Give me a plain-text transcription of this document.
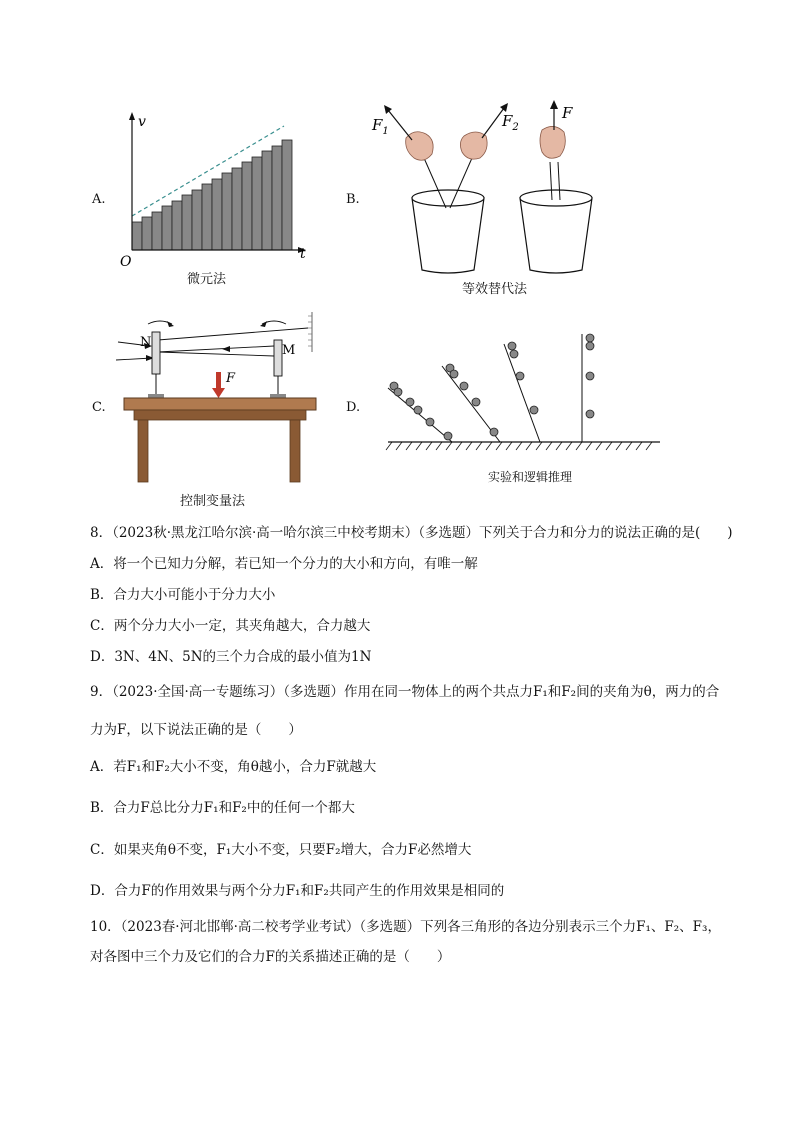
A.
v
t
O
微元法
B.
$F_1$
$F_2$
F
等效替代法
C.
N
M
F
控制变量法
D.
实验和逻辑推理
8．（2023秋·黑龙江哈尔滨·高一哈尔滨三中校考期末）（多选题）下列关于合力和分力的说法正确的是(　　)
A．将一个已知力分解，若已知一个分力的大小和方向，有唯一解
B．合力大小可能小于分力大小
C．两个分力大小一定，其夹角越大，合力越大
D．3N、4N、5N的三个力合成的最小值为1N
9．（2023·全国·高一专题练习）（多选题）作用在同一物体上的两个共点力F₁和F₂间的夹角为θ，两力的合
力为F，以下说法正确的是（　　）
A．若F₁和F₂大小不变，角θ越小，合力F就越大
B．合力F总比分力F₁和F₂中的任何一个都大
C．如果夹角θ不变，F₁大小不变，只要F₂增大，合力F必然增大
D．合力F的作用效果与两个分力F₁和F₂共同产生的作用效果是相同的
10．（2023春·河北邯郸·高二校考学业考试）（多选题）下列各三角形的各边分别表示三个力F₁、F₂、F₃，
对各图中三个力及它们的合力F的关系描述正确的是（　　）
